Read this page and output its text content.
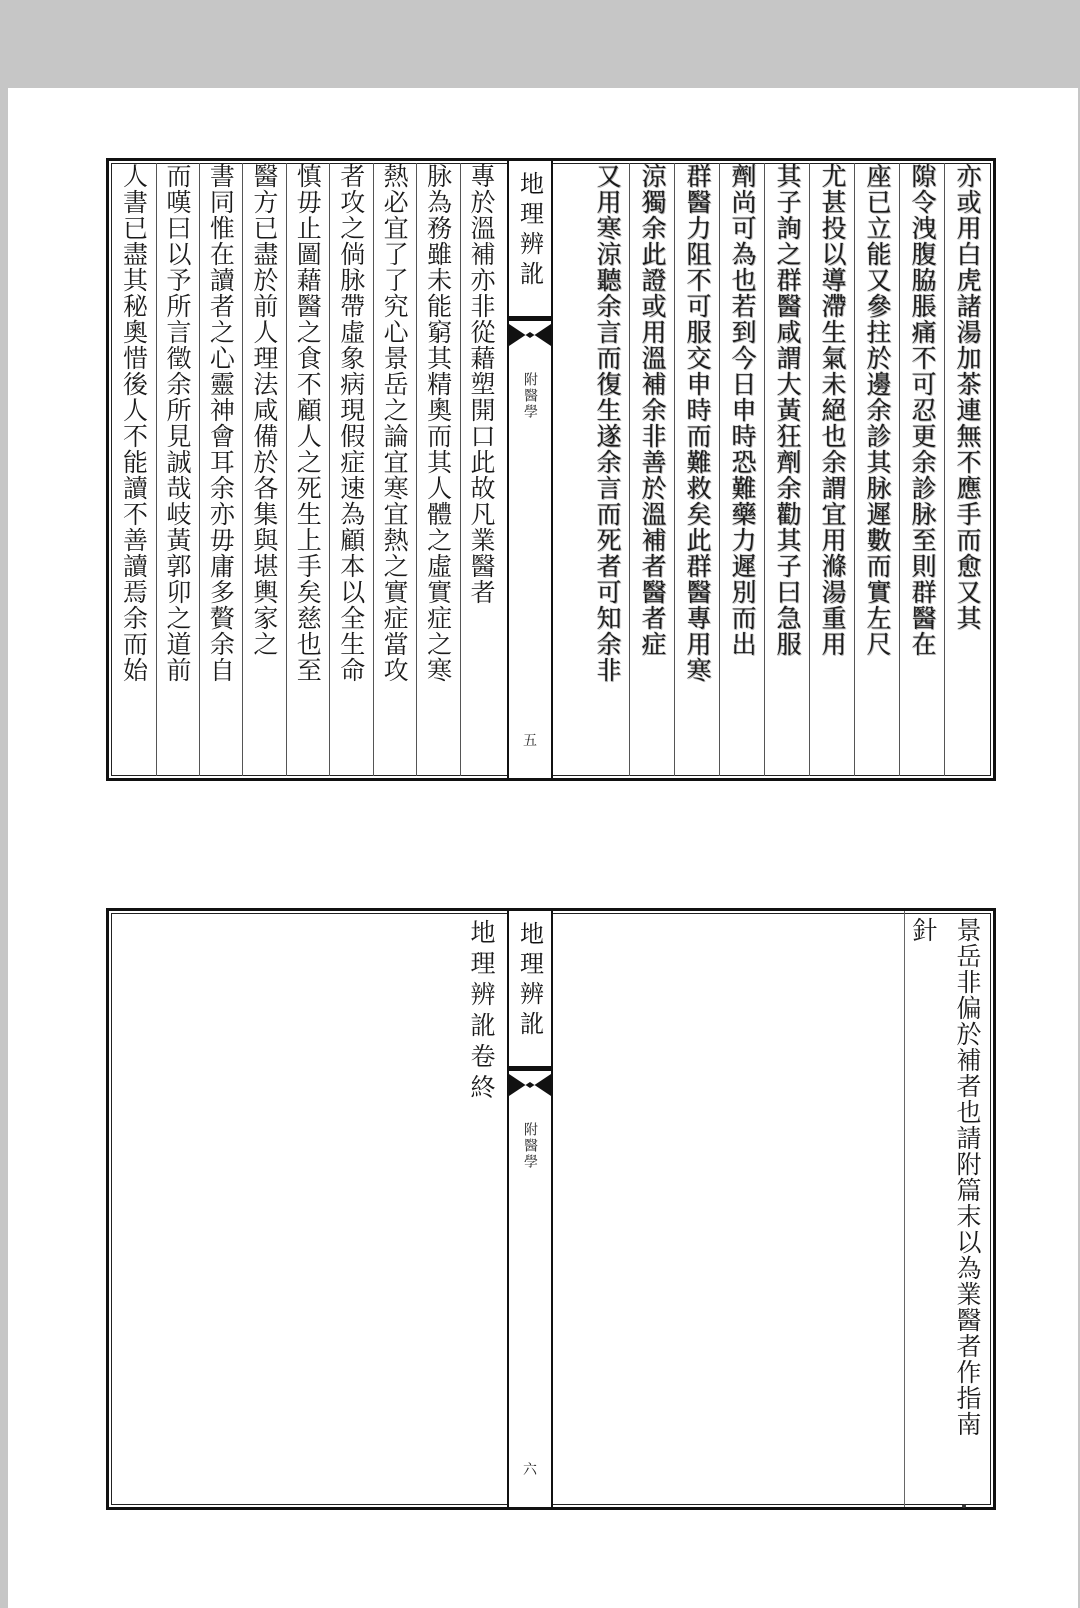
專於溫補亦非從藉塑開口此故凡業醫者
脉為務雖未能窮其精奧而其人體之虛實症之寒
熱必宜了了究心景岳之論宜寒宜熱之實症當攻
者攻之倘脉帶虛象病現假症速為顧本以全生命
慎毋止圖藉醫之食不顧人之死生上手矣慈也至
醫方已盡於前人理法咸備於各集與堪輿家之
書同惟在讀者之心靈神會耳余亦毋庸多贅余自
而嘆曰以予所言徵余所見誠哉岐黃郭卯之道前
人書已盡其秘奧惜後人不能讀不善讀焉余而始	地理辨訛
附醫學
五
亦或用白虎諸湯加茶連無不應手而愈又其
隙令洩腹脇脹痛不可忍更余診脉至則群醫在
座已立能又參拄於邊余診其脉遲數而實左尺
尤甚投以導滯生氣未絕也余謂宜用滌湯重用
其子詢之群醫咸謂大黃狂劑余勸其子曰急服
劑尚可為也若到今日申時恐難藥力遲別而出
群醫力阻不可服交申時而難救矣此群醫專用寒
涼獨余此證或用溫補余非善於溫補者醫者症
又用寒涼聽余言而復生遂余言而死者可知余非
地理辨訛卷終 地理辨訛
附醫學
六
景岳非偏於補者也請附篇末以為業醫者作指南
針
